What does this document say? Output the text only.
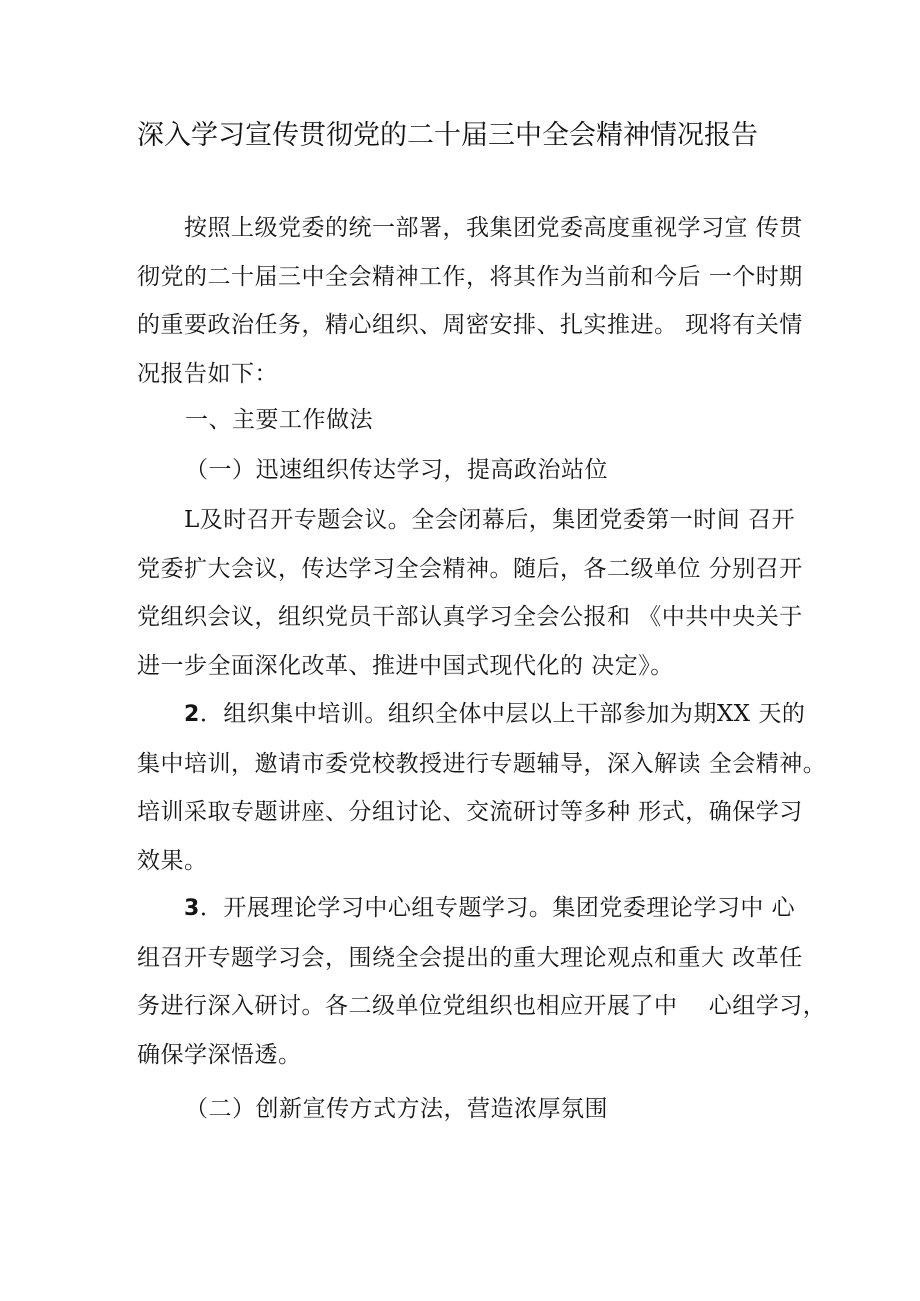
深入学习宣传贯彻党的二十届三中全会精神情况报告
按照上级党委的统一部署，我集团党委高度重视学习宣 传贯
彻党的二十届三中全会精神工作，将其作为当前和今后 一个时期
的重要政治任务，精心组织、周密安排、扎实推进。 现将有关情
况报告如下：
一、主要工作做法
（一）迅速组织传达学习，提高政治站位
L及时召开专题会议。全会闭幕后，集团党委第一时间 召开
党委扩大会议，传达学习全会精神。随后，各二级单位 分别召开
党组织会议，组织党员干部认真学习全会公报和 《中共中央关于
进一步全面深化改革、推进中国式现代化的 决定》。
2．组织集中培训。组织全体中层以上干部参加为期XX 天的
集中培训，邀请市委党校教授进行专题辅导，深入解读 全会精神。
培训采取专题讲座、分组讨论、交流研讨等多种 形式，确保学习
效果。
3．开展理论学习中心组专题学习。集团党委理论学习中 心
组召开专题学习会，围绕全会提出的重大理论观点和重大 改革任
务进行深入研讨。各二级单位党组织也相应开展了中　 心组学习，
确保学深悟透。
（二）创新宣传方式方法，营造浓厚氛围
